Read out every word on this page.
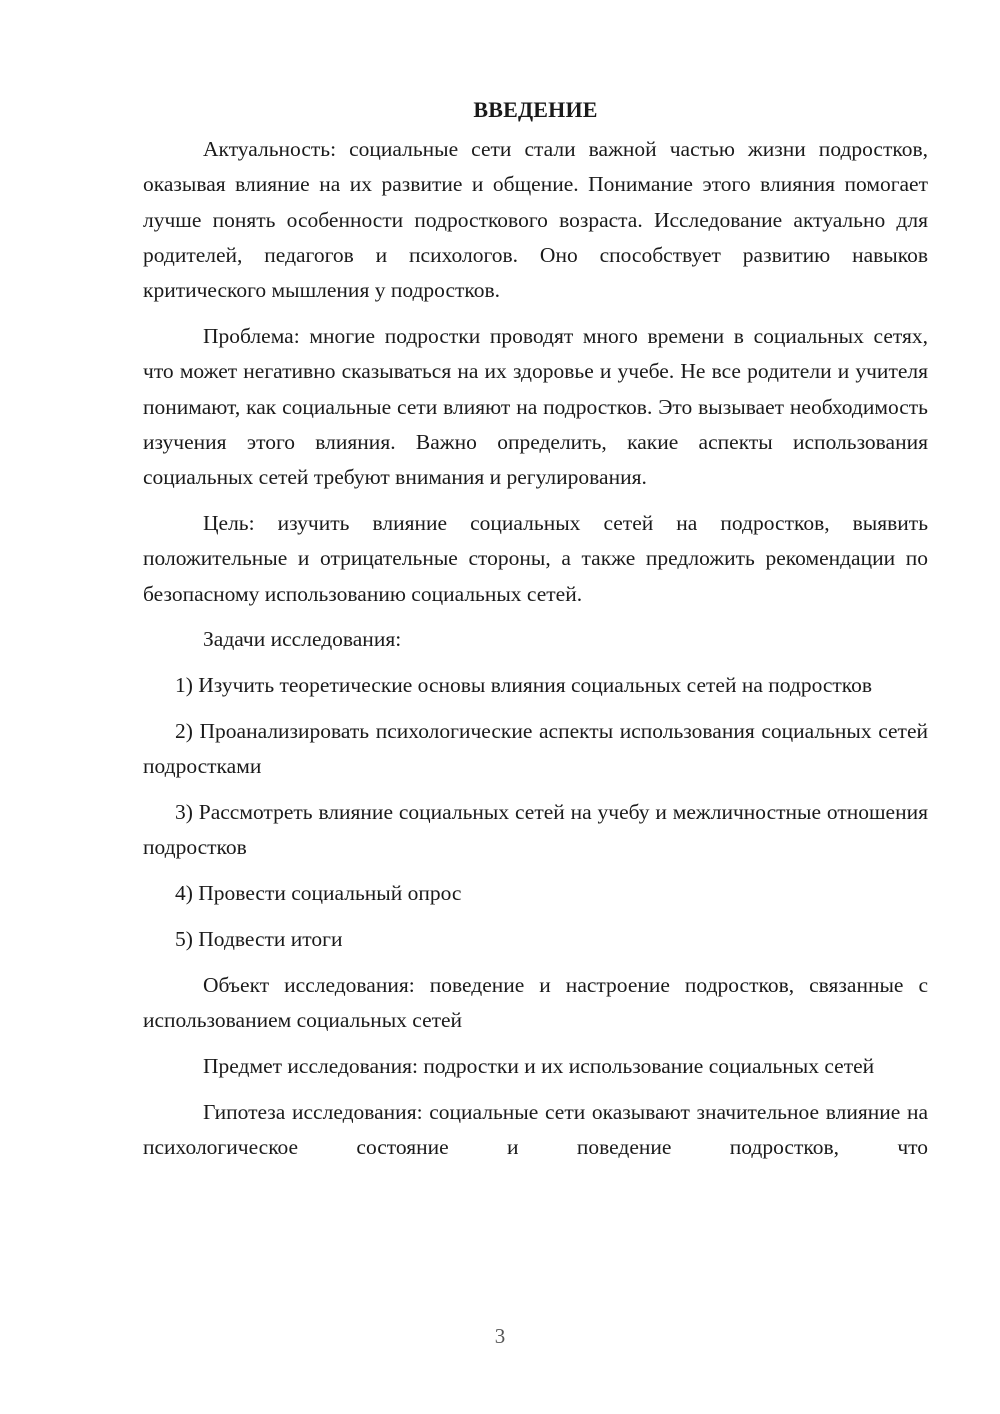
ВВЕДЕНИЕ

Актуальность: социальные сети стали важной частью жизни подростков, оказывая влияние на их развитие и общение. Понимание этого влияния помогает лучше понять особенности подросткового возраста. Исследование актуально для родителей, педагогов и психологов. Оно способствует развитию навыков критического мышления у подростков.

Проблема: многие подростки проводят много времени в социальных сетях, что может негативно сказываться на их здоровье и учебе. Не все родители и учителя понимают, как социальные сети влияют на подростков. Это вызывает необходимость изучения этого влияния. Важно определить, какие аспекты использования социальных сетей требуют внимания и регулирования.

Цель: изучить влияние социальных сетей на подростков, выявить положительные и отрицательные стороны, а также предложить рекомендации по безопасному использованию социальных сетей.

Задачи исследования:

1) Изучить теоретические основы влияния социальных сетей на подростков

2) Проанализировать психологические аспекты использования социальных сетей подростками

3) Рассмотреть влияние социальных сетей на учебу и межличностные отношения подростков

4) Провести социальный опрос

5) Подвести итоги

Объект исследования: поведение и настроение подростков, связанные с использованием социальных сетей

Предмет исследования: подростки и их использование социальных сетей

Гипотеза исследования: социальные сети оказывают значительное влияние на психологическое состояние и поведение подростков, что

3
